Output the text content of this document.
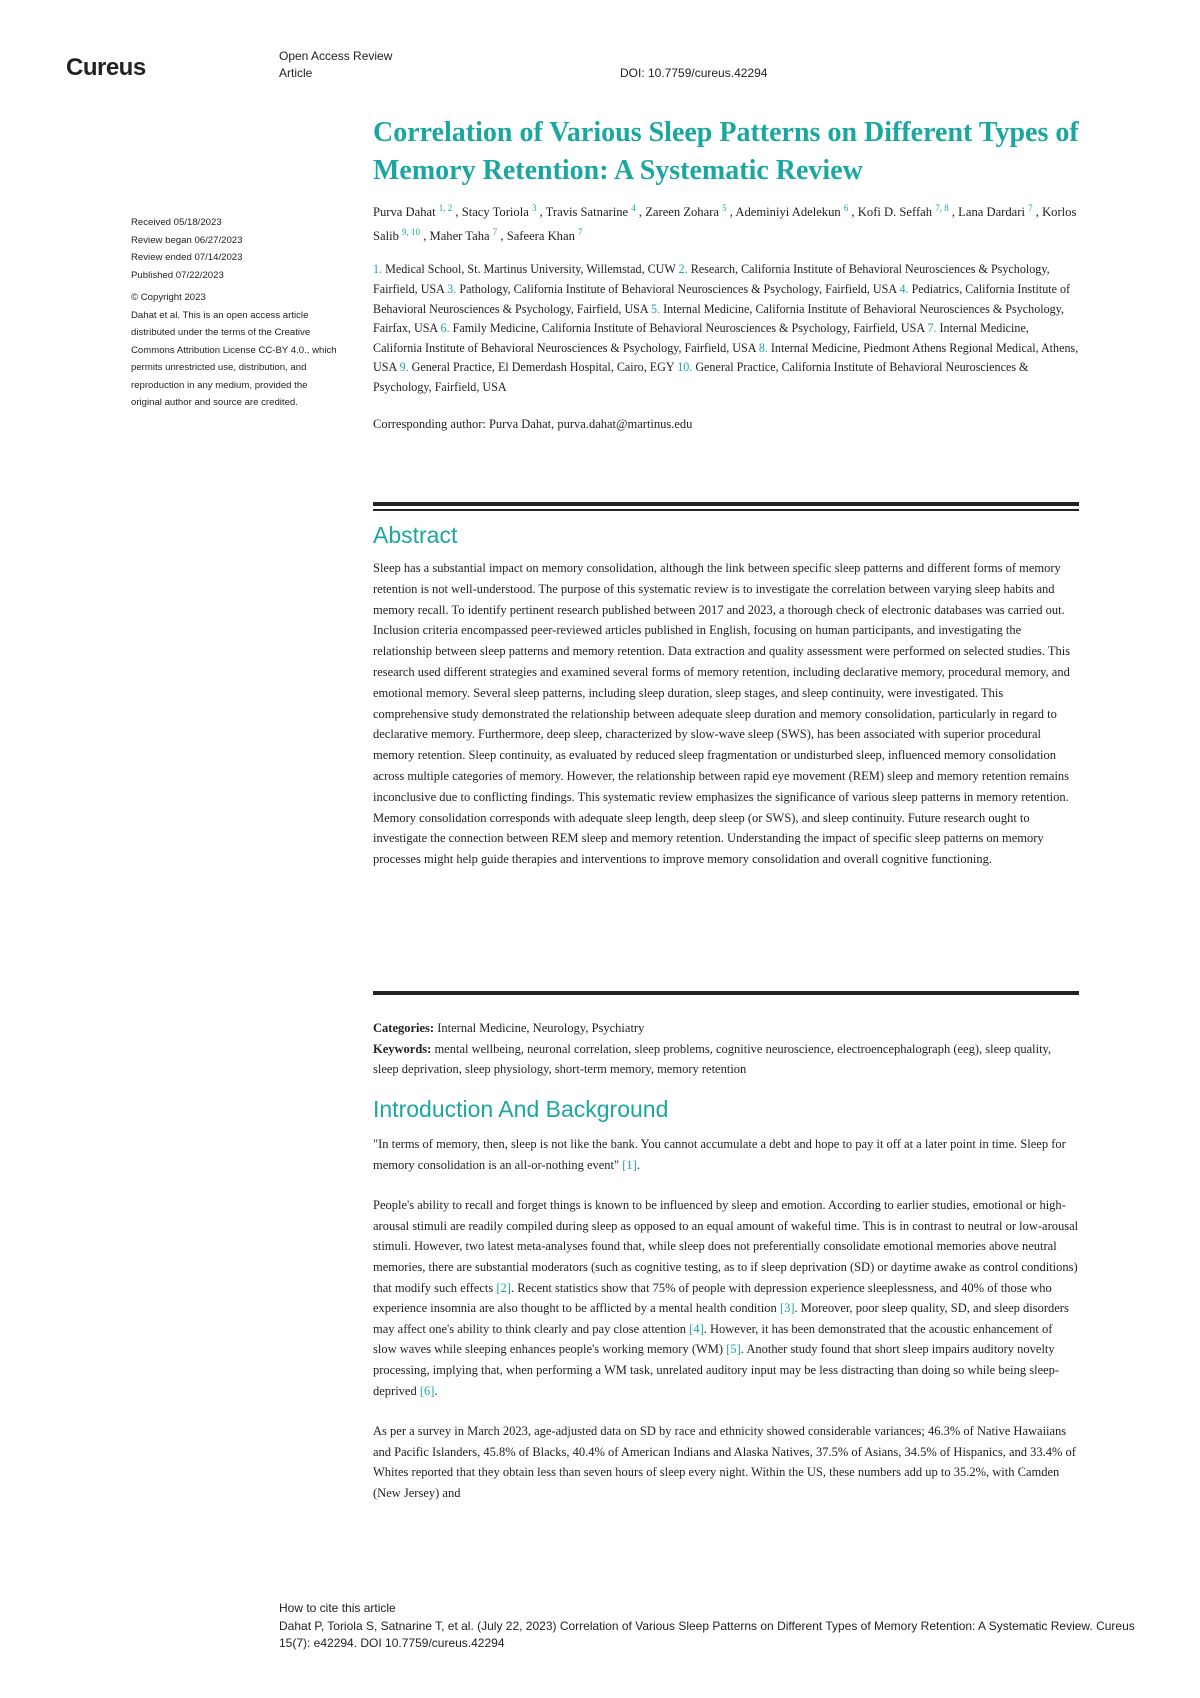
Cureus	Open Access Review
Article	DOI: 10.7759/cureus.42294
Received 05/18/2023
Review began 06/27/2023
Review ended 07/14/2023
Published 07/22/2023
© Copyright 2023
Dahat et al. This is an open access article distributed under the terms of the Creative Commons Attribution License CC-BY 4.0., which permits unrestricted use, distribution, and reproduction in any medium, provided the original author and source are credited.
Correlation of Various Sleep Patterns on Different Types of Memory Retention: A Systematic Review
Purva Dahat $^{1, 2}$ , Stacy Toriola $^3$ , Travis Satnarine $^4$ , Zareen Zohara $^5$ , Ademiniyi Adelekun $^6$ , Kofi D. Seffah $^{7, 8}$ , Lana Dardari $^7$ , Korlos Salib $^{9, 10}$ , Maher Taha $^7$ , Safeera Khan $^7$
1. Medical School, St. Martinus University, Willemstad, CUW 2. Research, California Institute of Behavioral Neurosciences & Psychology, Fairfield, USA 3. Pathology, California Institute of Behavioral Neurosciences & Psychology, Fairfield, USA 4. Pediatrics, California Institute of Behavioral Neurosciences & Psychology, Fairfield, USA 5. Internal Medicine, California Institute of Behavioral Neurosciences & Psychology, Fairfax, USA 6. Family Medicine, California Institute of Behavioral Neurosciences & Psychology, Fairfield, USA 7. Internal Medicine, California Institute of Behavioral Neurosciences & Psychology, Fairfield, USA 8. Internal Medicine, Piedmont Athens Regional Medical, Athens, USA 9. General Practice, El Demerdash Hospital, Cairo, EGY 10. General Practice, California Institute of Behavioral Neurosciences & Psychology, Fairfield, USA
Corresponding author: Purva Dahat, purva.dahat@martinus.edu
Abstract

Sleep has a substantial impact on memory consolidation, although the link between specific sleep patterns and different forms of memory retention is not well-understood. The purpose of this systematic review is to investigate the correlation between varying sleep habits and memory recall. To identify pertinent research published between 2017 and 2023, a thorough check of electronic databases was carried out. Inclusion criteria encompassed peer-reviewed articles published in English, focusing on human participants, and investigating the relationship between sleep patterns and memory retention. Data extraction and quality assessment were performed on selected studies. This research used different strategies and examined several forms of memory retention, including declarative memory, procedural memory, and emotional memory. Several sleep patterns, including sleep duration, sleep stages, and sleep continuity, were investigated. This comprehensive study demonstrated the relationship between adequate sleep duration and memory consolidation, particularly in regard to declarative memory. Furthermore, deep sleep, characterized by slow-wave sleep (SWS), has been associated with superior procedural memory retention. Sleep continuity, as evaluated by reduced sleep fragmentation or undisturbed sleep, influenced memory consolidation across multiple categories of memory. However, the relationship between rapid eye movement (REM) sleep and memory retention remains inconclusive due to conflicting findings. This systematic review emphasizes the significance of various sleep patterns in memory retention. Memory consolidation corresponds with adequate sleep length, deep sleep (or SWS), and sleep continuity. Future research ought to investigate the connection between REM sleep and memory retention. Understanding the impact of specific sleep patterns on memory processes might help guide therapies and interventions to improve memory consolidation and overall cognitive functioning.

Categories: Internal Medicine, Neurology, Psychiatry
Keywords: mental wellbeing, neuronal correlation, sleep problems, cognitive neuroscience, electroencephalograph (eeg), sleep quality, sleep deprivation, sleep physiology, short-term memory, memory retention
Introduction And Background

"In terms of memory, then, sleep is not like the bank. You cannot accumulate a debt and hope to pay it off at a later point in time. Sleep for memory consolidation is an all-or-nothing event" [1].

People's ability to recall and forget things is known to be influenced by sleep and emotion. According to earlier studies, emotional or high-arousal stimuli are readily compiled during sleep as opposed to an equal amount of wakeful time. This is in contrast to neutral or low-arousal stimuli. However, two latest meta-analyses found that, while sleep does not preferentially consolidate emotional memories above neutral memories, there are substantial moderators (such as cognitive testing, as to if sleep deprivation (SD) or daytime awake as control conditions) that modify such effects [2]. Recent statistics show that 75% of people with depression experience sleeplessness, and 40% of those who experience insomnia are also thought to be afflicted by a mental health condition [3]. Moreover, poor sleep quality, SD, and sleep disorders may affect one's ability to think clearly and pay close attention [4]. However, it has been demonstrated that the acoustic enhancement of slow waves while sleeping enhances people's working memory (WM) [5]. Another study found that short sleep impairs auditory novelty processing, implying that, when performing a WM task, unrelated auditory input may be less distracting than doing so while being sleep-deprived [6].

As per a survey in March 2023, age-adjusted data on SD by race and ethnicity showed considerable variances; 46.3% of Native Hawaiians and Pacific Islanders, 45.8% of Blacks, 40.4% of American Indians and Alaska Natives, 37.5% of Asians, 34.5% of Hispanics, and 33.4% of Whites reported that they obtain less than seven hours of sleep every night. Within the US, these numbers add up to 35.2%, with Camden (New Jersey) and

How to cite this article
Dahat P, Toriola S, Satnarine T, et al. (July 22, 2023) Correlation of Various Sleep Patterns on Different Types of Memory Retention: A Systematic Review. Cureus 15(7): e42294. DOI 10.7759/cureus.42294
